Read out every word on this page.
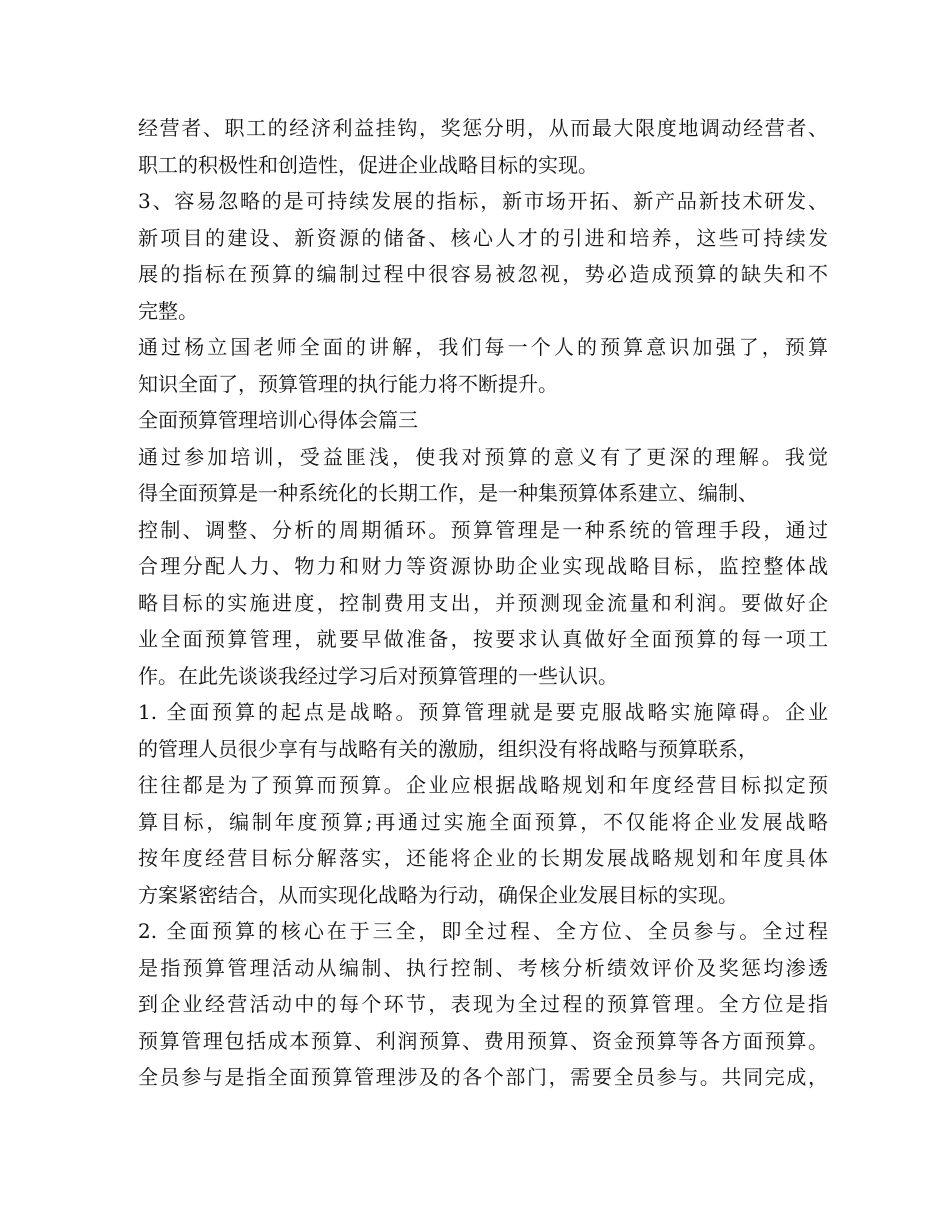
经营者、职工的经济利益挂钩，奖惩分明，从而最大限度地调动经营者、
职工的积极性和创造性，促进企业战略目标的实现。
3、容易忽略的是可持续发展的指标，新市场开拓、新产品新技术研发、
新项目的建设、新资源的储备、核心人才的引进和培养，这些可持续发
展的指标在预算的编制过程中很容易被忽视，势必造成预算的缺失和不
完整。
通过杨立国老师全面的讲解，我们每一个人的预算意识加强了，预算
知识全面了，预算管理的执行能力将不断提升。
全面预算管理培训心得体会篇三
通过参加培训，受益匪浅，使我对预算的意义有了更深的理解。我觉
得全面预算是一种系统化的长期工作，是一种集预算体系建立、编制、
控制、调整、分析的周期循环。预算管理是一种系统的管理手段，通过
合理分配人力、物力和财力等资源协助企业实现战略目标，监控整体战
略目标的实施进度，控制费用支出，并预测现金流量和利润。要做好企
业全面预算管理，就要早做准备，按要求认真做好全面预算的每一项工
作。在此先谈谈我经过学习后对预算管理的一些认识。
1. 全面预算的起点是战略。预算管理就是要克服战略实施障碍。企业
的管理人员很少享有与战略有关的激励，组织没有将战略与预算联系，
往往都是为了预算而预算。企业应根据战略规划和年度经营目标拟定预
算目标，编制年度预算;再通过实施全面预算，不仅能将企业发展战略
按年度经营目标分解落实，还能将企业的长期发展战略规划和年度具体
方案紧密结合，从而实现化战略为行动，确保企业发展目标的实现。
2. 全面预算的核心在于三全，即全过程、全方位、全员参与。全过程
是指预算管理活动从编制、执行控制、考核分析绩效评价及奖惩均渗透
到企业经营活动中的每个环节，表现为全过程的预算管理。全方位是指
预算管理包括成本预算、利润预算、费用预算、资金预算等各方面预算。
全员参与是指全面预算管理涉及的各个部门，需要全员参与。共同完成，
